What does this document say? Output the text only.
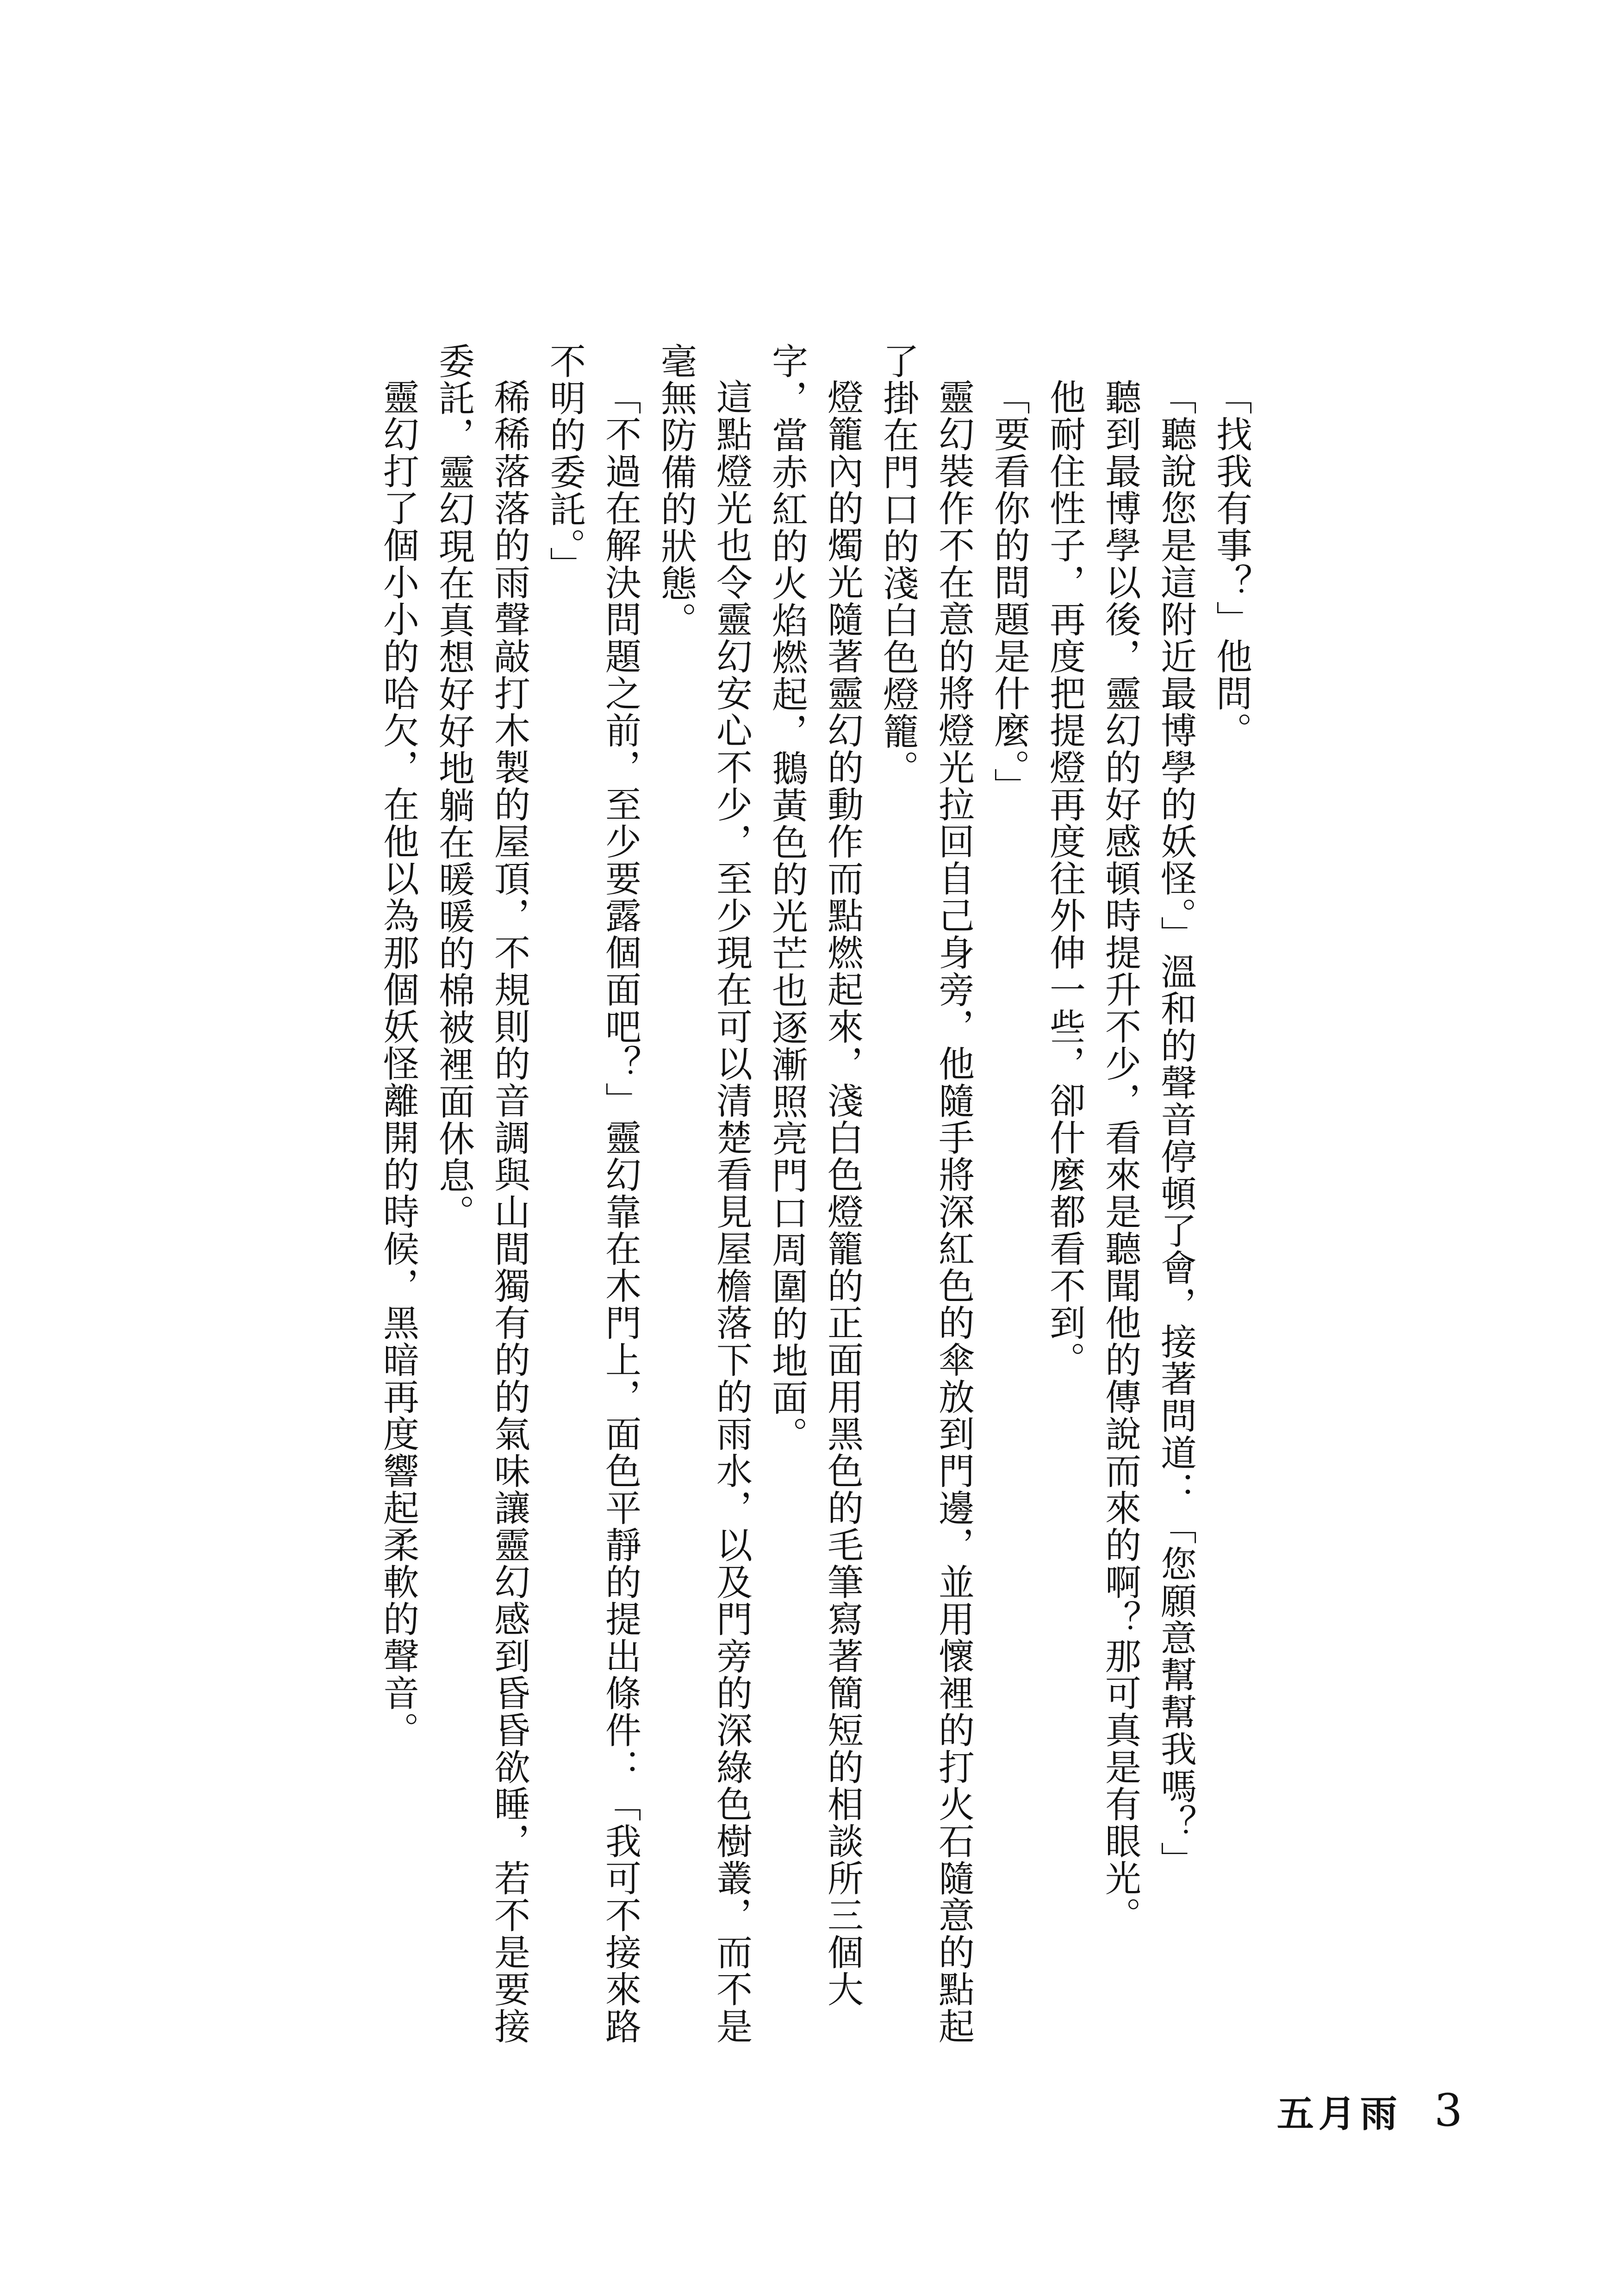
「找我有事？」他問。

「聽說您是這附近最博學的妖怪。」溫和的聲音停頓了會，接著問道：「您願意幫幫我嗎？」

聽到最博學以後，靈幻的好感頓時提升不少，看來是聽聞他的傳說而來的啊？那可真是有眼光。

他耐住性子，再度把提燈再度往外伸一些，卻什麼都看不到。

「要看你的問題是什麼。」

靈幻裝作不在意的將燈光拉回自己身旁，他隨手將深紅色的傘放到門邊，並用懷裡的打火石隨意的點起了掛在門口的淺白色燈籠。

燈籠內的燭光隨著靈幻的動作而點燃起來，淺白色燈籠的正面用黑色的毛筆寫著簡短的相談所三個大字，當赤紅的火焰燃起，鵝黃色的光芒也逐漸照亮門口周圍的地面。

這點燈光也令靈幻安心不少，至少現在可以清楚看見屋檐落下的雨水，以及門旁的深綠色樹叢，而不是毫無防備的狀態。

「不過在解決問題之前，至少要露個面吧？」靈幻靠在木門上，面色平靜的提出條件：「我可不接來路不明的委託。」

稀稀落落的雨聲敲打木製的屋頂，不規則的音調與山間獨有的的氣味讓靈幻感到昏昏欲睡，若不是要接委託，靈幻現在真想好好地躺在暖暖的棉被裡面休息。

靈幻打了個小小的哈欠，在他以為那個妖怪離開的時候，黑暗再度響起柔軟的聲音。

五月雨 3
